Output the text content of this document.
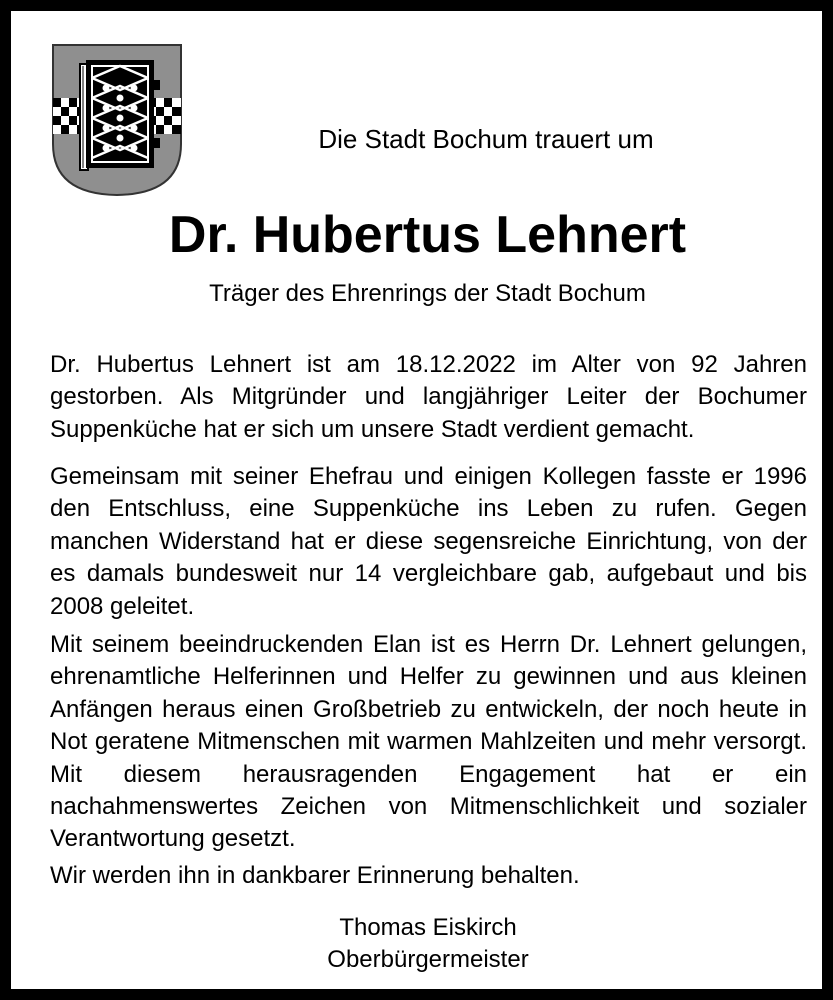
Die Stadt Bochum trauert um
Dr. Hubertus Lehnert
Träger des Ehrenrings der Stadt Bochum

Dr. Hubertus Lehnert ist am 18.12.2022 im Alter von 92 Jahren gestorben. Als Mitgründer und langjähriger Leiter der Bochumer Suppenküche hat er sich um unsere Stadt verdient gemacht.

Gemeinsam mit seiner Ehefrau und einigen Kollegen fasste er 1996 den Entschluss, eine Suppenküche ins Leben zu rufen. Gegen manchen Widerstand hat er diese segensreiche Einrichtung, von der es damals bundesweit nur 14 vergleichbare gab, aufgebaut und bis 2008 geleitet.

Mit seinem beeindruckenden Elan ist es Herrn Dr. Lehnert gelungen, ehrenamtliche Helferinnen und Helfer zu gewinnen und aus kleinen Anfängen heraus einen Großbetrieb zu entwickeln, der noch heute in Not geratene Mitmenschen mit warmen Mahlzeiten und mehr versorgt. Mit diesem herausragenden Engagement hat er ein nachahmenswertes Zeichen von Mitmenschlichkeit und sozialer Verantwortung gesetzt.

Wir werden ihn in dankbarer Erinnerung behalten.

Thomas Eiskirch
Oberbürgermeister
